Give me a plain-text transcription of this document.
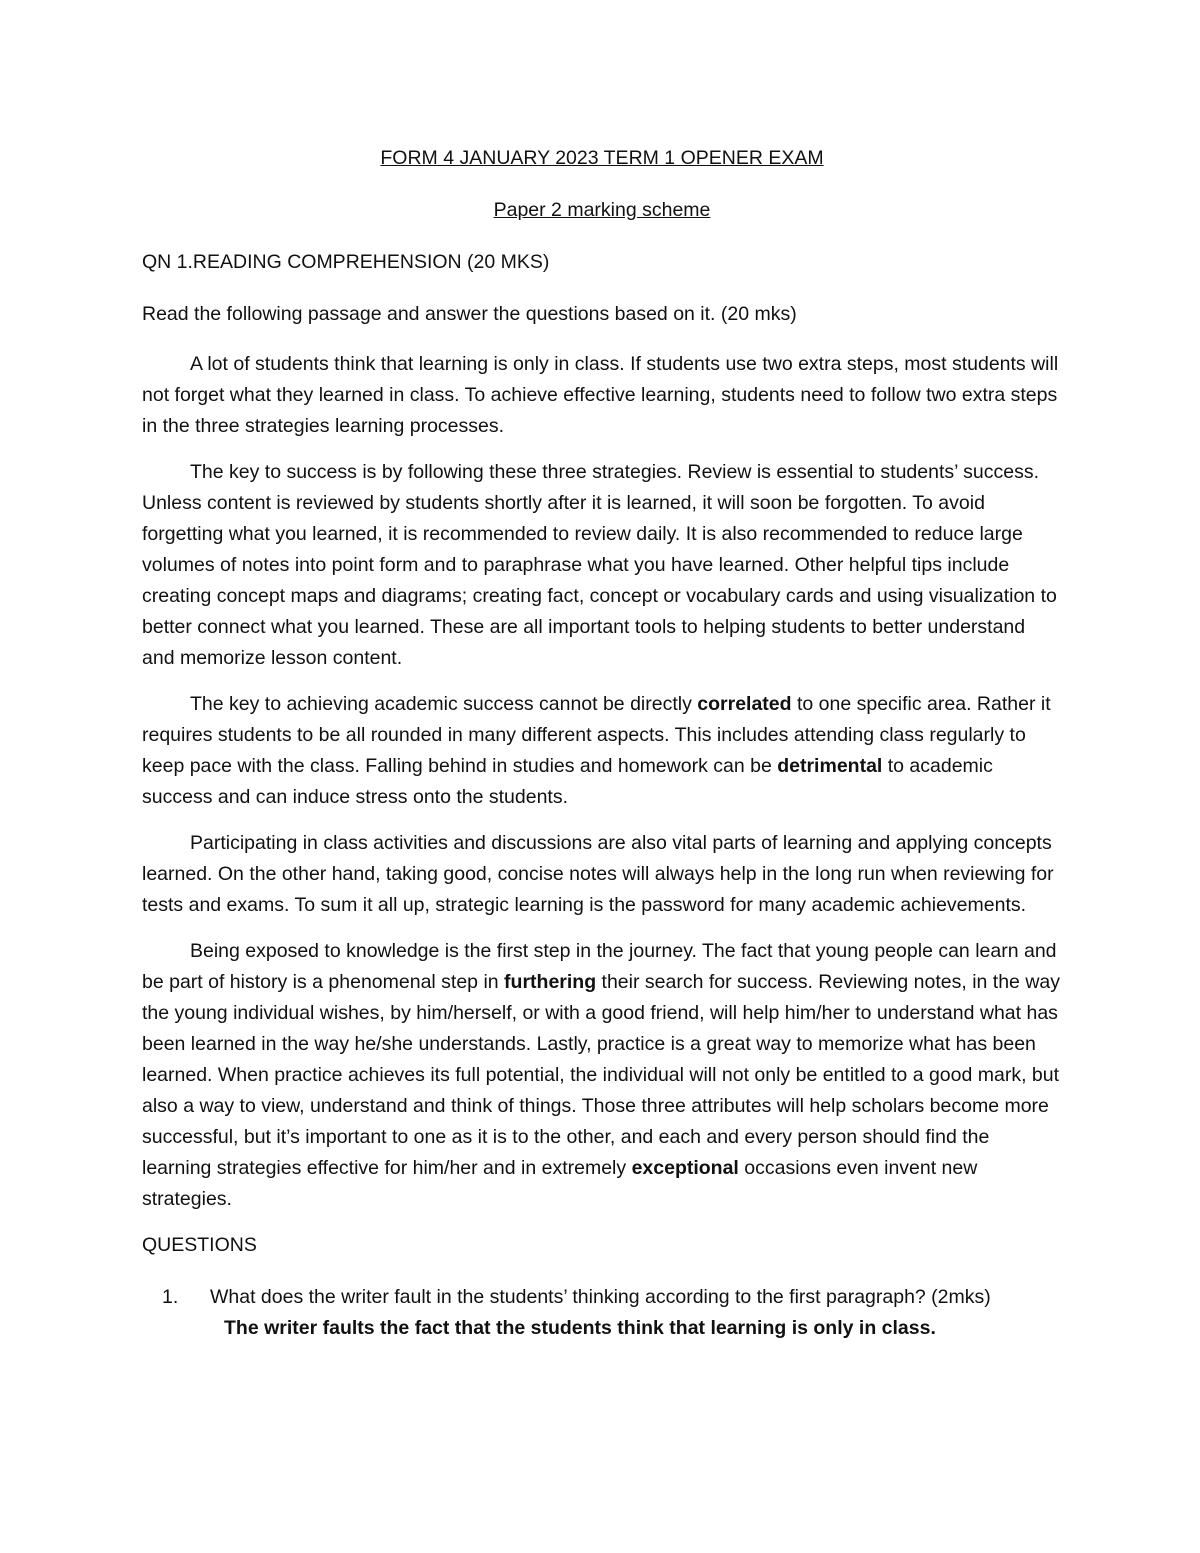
FORM 4 JANUARY 2023 TERM 1 OPENER EXAM

Paper 2 marking scheme

QN 1.READING COMPREHENSION (20 MKS)

Read the following passage and answer the questions based on it. (20 mks)

A lot of students think that learning is only in class. If students use two extra steps, most students will not forget what they learned in class. To achieve effective learning, students need to follow two extra steps in the three strategies learning processes.

The key to success is by following these three strategies. Review is essential to students’ success. Unless content is reviewed by students shortly after it is learned, it will soon be forgotten. To avoid forgetting what you learned, it is recommended to review daily. It is also recommended to reduce large volumes of notes into point form and to paraphrase what you have learned. Other helpful tips include creating concept maps and diagrams; creating fact, concept or vocabulary cards and using visualization to better connect what you learned. These are all important tools to helping students to better understand and memorize lesson content.

The key to achieving academic success cannot be directly correlated to one specific area. Rather it requires students to be all rounded in many different aspects. This includes attending class regularly to keep pace with the class. Falling behind in studies and homework can be detrimental to academic success and can induce stress onto the students.

Participating in class activities and discussions are also vital parts of learning and applying concepts learned. On the other hand, taking good, concise notes will always help in the long run when reviewing for tests and exams. To sum it all up, strategic learning is the password for many academic achievements.

Being exposed to knowledge is the first step in the journey. The fact that young people can learn and be part of history is a phenomenal step in furthering their search for success. Reviewing notes, in the way the young individual wishes, by him/herself, or with a good friend, will help him/her to understand what has been learned in the way he/she understands. Lastly, practice is a great way to memorize what has been learned. When practice achieves its full potential, the individual will not only be entitled to a good mark, but also a way to view, understand and think of things. Those three attributes will help scholars become more successful, but it’s important to one as it is to the other, and each and every person should find the learning strategies effective for him/her and in extremely exceptional occasions even invent new strategies.

QUESTIONS

1. What does the writer fault in the students’ thinking according to the first paragraph? (2mks)

The writer faults the fact that the students think that learning is only in class.
